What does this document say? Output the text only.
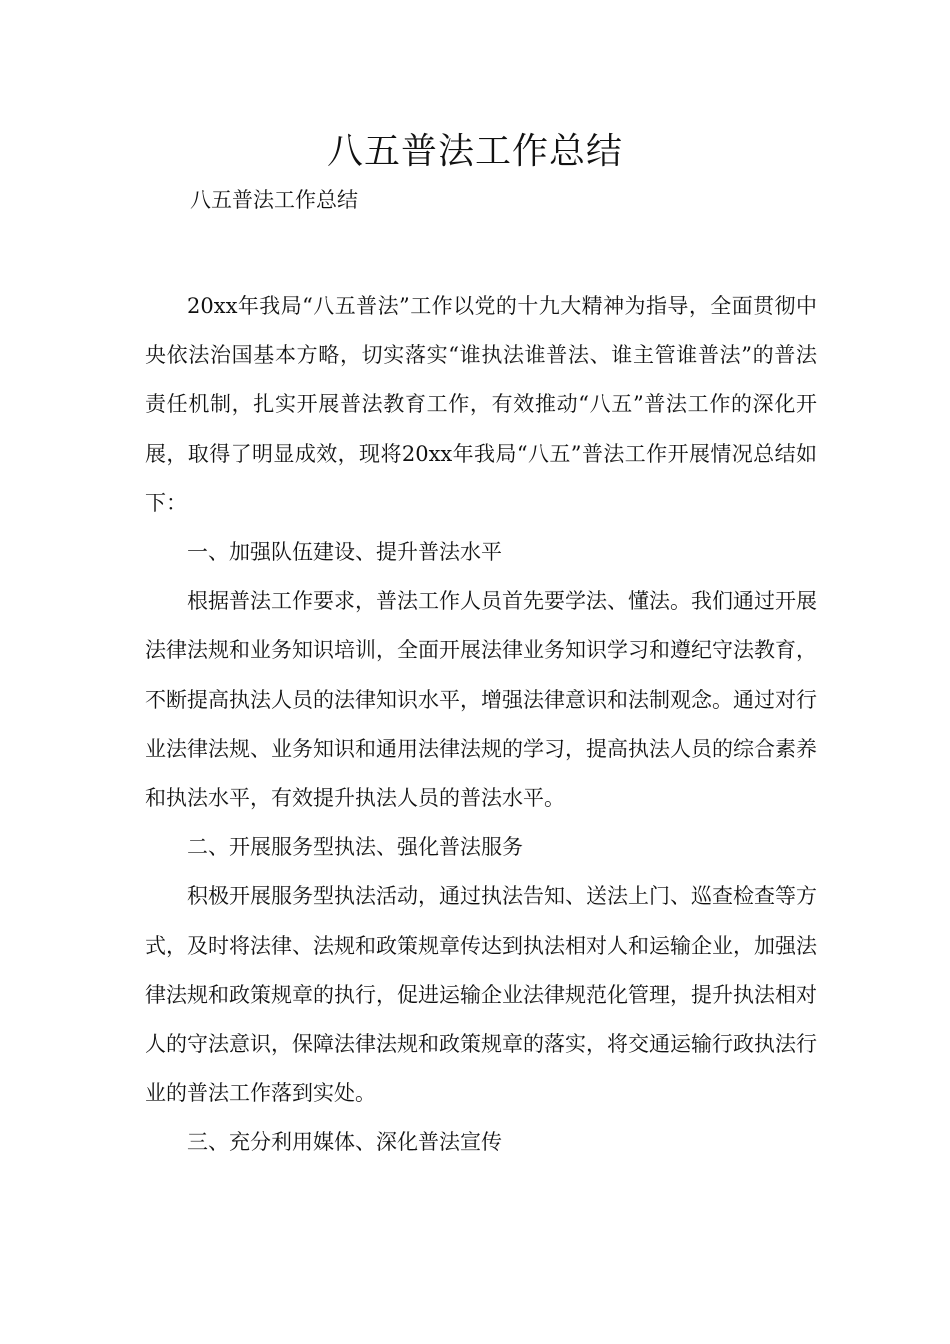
八五普法工作总结
八五普法工作总结

20xx年我局“八五普法”工作以党的十九大精神为指导，全面贯彻中央依法治国基本方略，切实落实“谁执法谁普法、谁主管谁普法”的普法责任机制，扎实开展普法教育工作，有效推动“八五”普法工作的深化开展，取得了明显成效，现将20xx年我局“八五”普法工作开展情况总结如下：

一、加强队伍建设、提升普法水平

根据普法工作要求，普法工作人员首先要学法、懂法。我们通过开展法律法规和业务知识培训，全面开展法律业务知识学习和遵纪守法教育，不断提高执法人员的法律知识水平，增强法律意识和法制观念。通过对行业法律法规、业务知识和通用法律法规的学习，提高执法人员的综合素养和执法水平，有效提升执法人员的普法水平。

二、开展服务型执法、强化普法服务

积极开展服务型执法活动，通过执法告知、送法上门、巡查检查等方式，及时将法律、法规和政策规章传达到执法相对人和运输企业，加强法律法规和政策规章的执行，促进运输企业法律规范化管理，提升执法相对人的守法意识，保障法律法规和政策规章的落实，将交通运输行政执法行业的普法工作落到实处。

三、充分利用媒体、深化普法宣传
